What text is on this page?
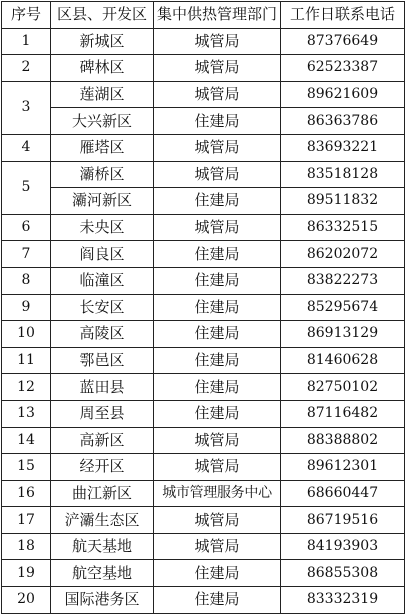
序号	区县、开发区	集中供热管理部门	工作日联系电话
1	新城区	城管局	87376649
2	碑林区	城管局	62523387
3	莲湖区	城管局	89621609
	大兴新区	住建局	86363786
4	雁塔区	城管局	83693221
5	灞桥区	城管局	83518128
	灞河新区	住建局	89511832
6	未央区	城管局	86332515
7	阎良区	住建局	86202072
8	临潼区	住建局	83822273
9	长安区	住建局	85295674
10	高陵区	住建局	86913129
11	鄠邑区	住建局	81460628
12	蓝田县	住建局	82750102
13	周至县	住建局	87116482
14	高新区	城管局	88388802
15	经开区	城管局	89612301
16	曲江新区	城市管理服务中心	68660447
17	浐灞生态区	城管局	86719516
18	航天基地	城管局	84193903
19	航空基地	住建局	86855308
20	国际港务区	住建局	83332319
